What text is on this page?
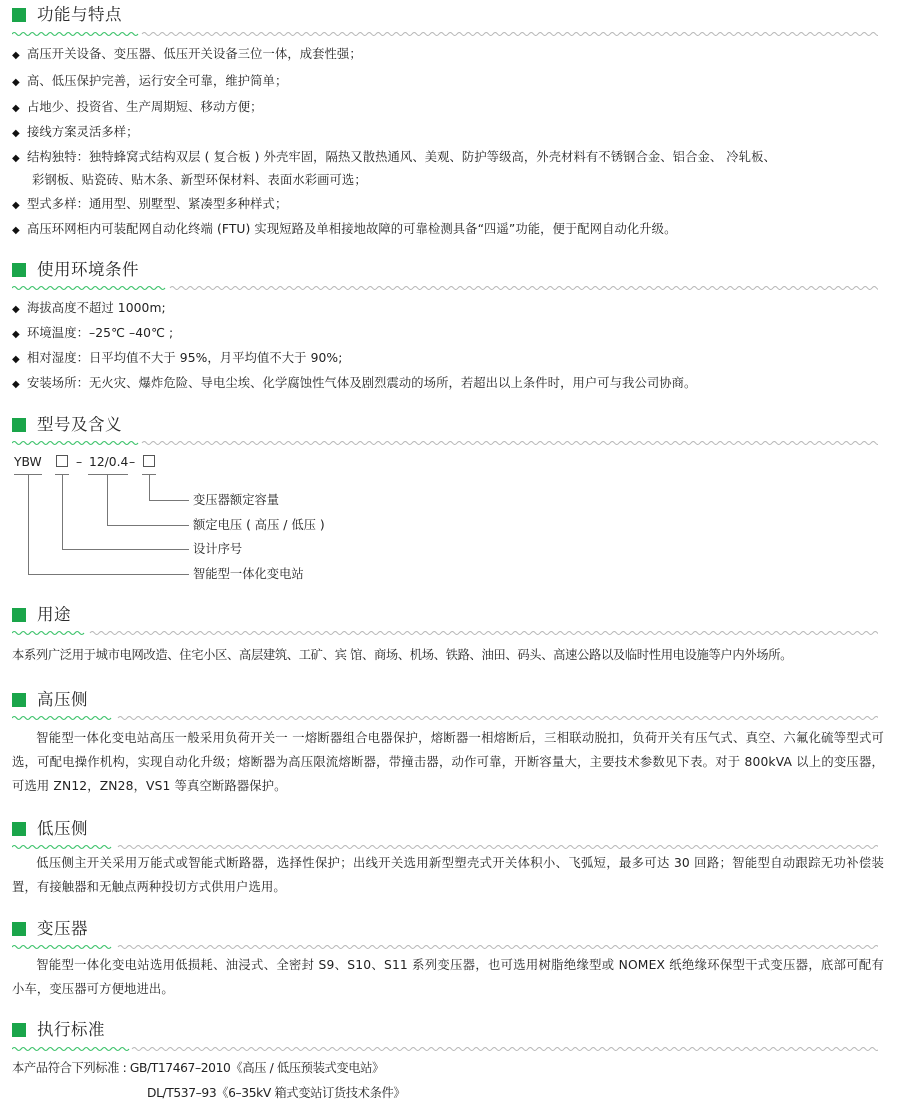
功能与特点
◆ 高压开关设备、变压器、低压开关设备三位一体，成套性强；
◆ 高、低压保护完善，运行安全可靠，维护简单；
◆ 占地少、投资省、生产周期短、移动方便；
◆ 接线方案灵活多样；
◆ 结构独特：独特蜂窝式结构双层 ( 复合板 ) 外壳牢固，隔热又散热通风、美观、防护等级高，外壳材料有不锈钢合金、铝合金、 冷轧板、
彩钢板、贴瓷砖、贴木条、新型环保材料、表面水彩画可选；
◆ 型式多样：通用型、别墅型、紧凑型多种样式；
◆ 高压环网柜内可装配网自动化终端 (FTU) 实现短路及单相接地故障的可靠检测具备“四遥”功能，便于配网自动化升级。
使用环境条件
◆ 海拔高度不超过 1000m;
◆ 环境温度：–25℃ –40℃ ;
◆ 相对湿度：日平均值不大于 95%，月平均值不大于 90%;
◆ 安装场所：无火灾、爆炸危险、导电尘埃、化学腐蚀性气体及剧烈震动的场所，若超出以上条件时，用户可与我公司协商。
型号及含义
YBW	– 12/0.4 –
变压器额定容量
额定电压 ( 高压 / 低压 )
设计序号
智能型一体化变电站
用途
本系列广泛用于城市电网改造、住宅小区、高层建筑、工矿、宾 馆、商场、机场、铁路、油田、码头、高速公路以及临时性用电设施等户内外场所。
高压侧
智能型一体化变电站高压一般采用负荷开关一 一熔断器组合电器保护，熔断器一相熔断后，三相联动脱扣，负荷开关有压气式、真空、六氟化硫等型式可选，可配电操作机构，实现自动化升级；熔断器为高压限流熔断器，带撞击器，动作可靠，开断容量大，主要技术参数见下表。对于 800kVA 以上的变压器，可选用 ZN12，ZN28，VS1 等真空断路器保护。
低压侧
低压侧主开关采用万能式或智能式断路器，选择性保护；出线开关选用新型塑壳式开关体积小、飞弧短，最多可达 30 回路；智能型自动跟踪无功补偿装置，有接触器和无触点两种投切方式供用户选用。
变压器
智能型一体化变电站选用低损耗、油浸式、全密封 S9、S10、S11 系列变压器，也可选用树脂绝缘型或 NOMEX 纸绝缘环保型干式变压器，底部可配有小车，变压器可方便地进出。
执行标准
本产品符合下列标准 : GB/T17467–2010《高压 / 低压预装式变电站》
DL/T537–93《6–35kV 箱式变站订货技术条件》
